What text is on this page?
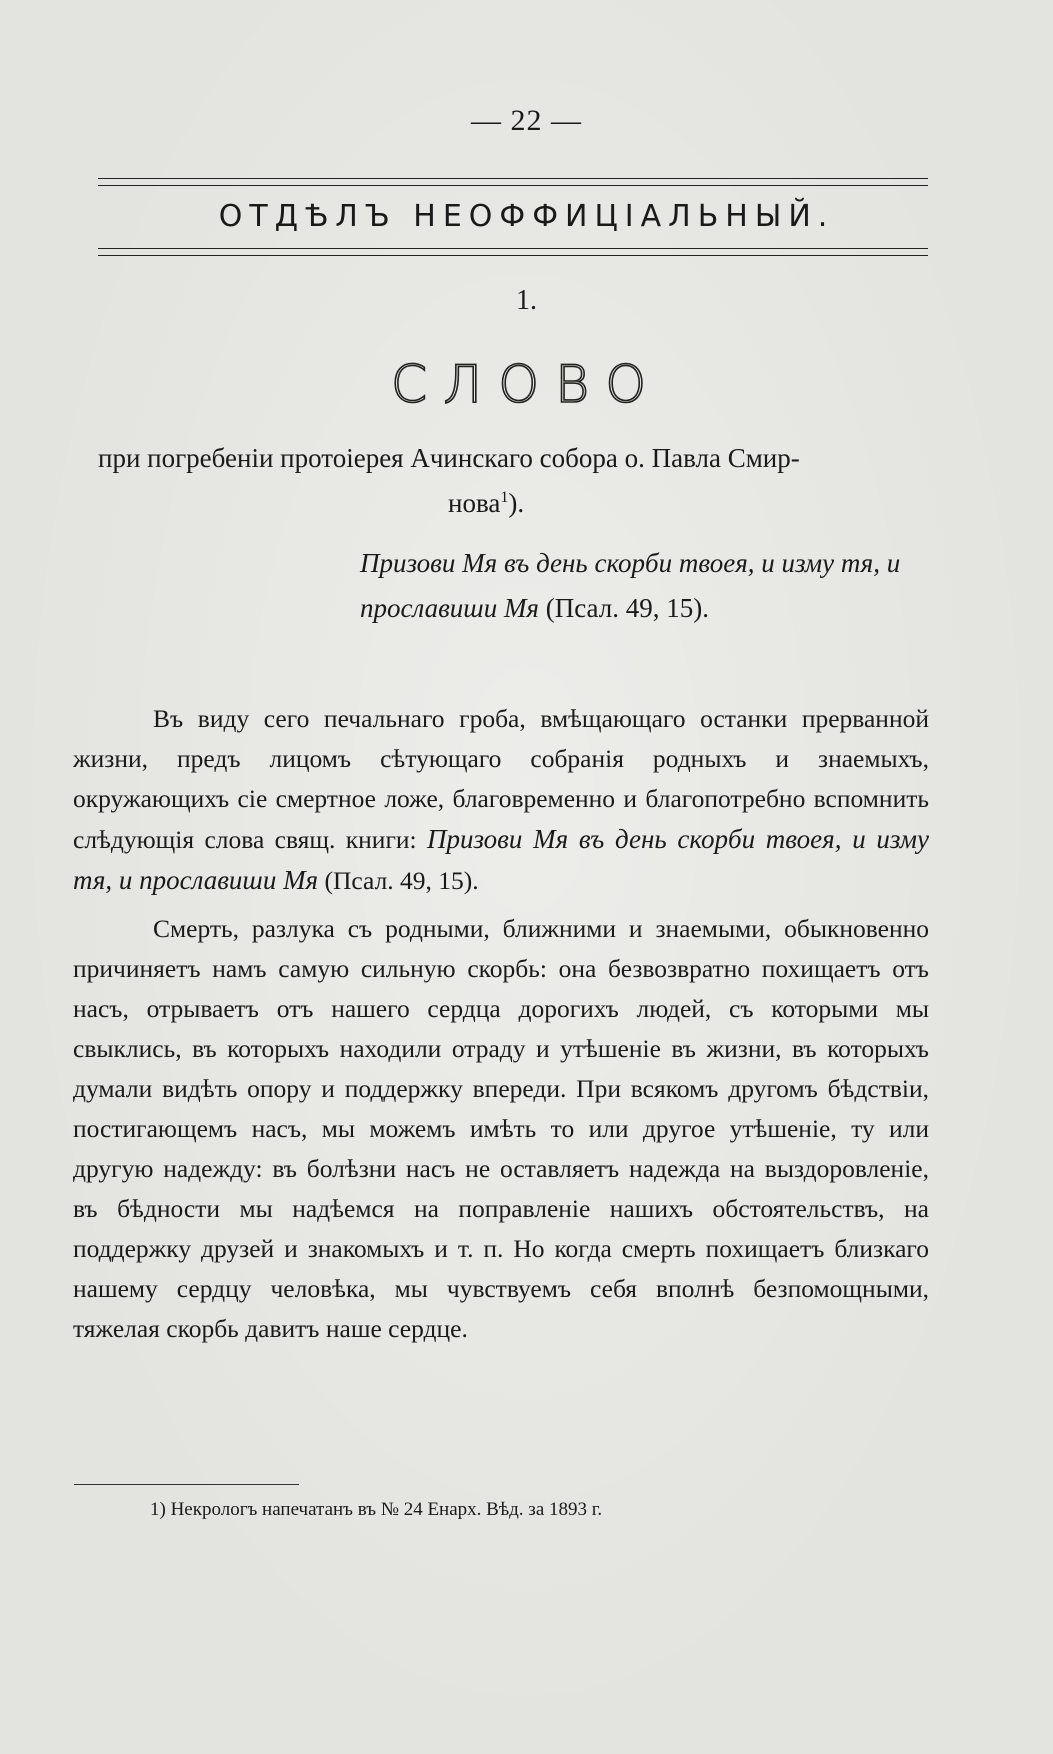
— 22 —
ОТДѢЛЪ НЕОФФИЦІАЛЬНЫЙ.
1.
СЛОВО
при погребеніи протоіерея Ачинскаго собора о. Павла Смир-
нова$^1$).
Призови Мя въ день скорби твоея, и изму тя, и прославиши Мя (Псал. 49, 15).

Въ виду сего печальнаго гроба, вмѣщающаго останки прерванной жизни, предъ лицомъ сѣтующаго собранія родныхъ и знаемыхъ, окружающихъ сіе смертное ложе, благовременно и благопотребно вспомнить слѣдующія слова свящ. книги: Призови Мя въ день скорби твоея, и изму тя, и прославиши Мя (Псал. 49, 15).

Смерть, разлука съ родными, ближними и знаемыми, обыкновенно причиняетъ намъ самую сильную скорбь: она безвозвратно похищаетъ отъ насъ, отрываетъ отъ нашего сердца дорогихъ людей, съ которыми мы свыклись, въ которыхъ находили отраду и утѣшеніе въ жизни, въ которыхъ думали видѣть опору и поддержку впереди. При всякомъ другомъ бѣдствіи, постигающемъ насъ, мы можемъ имѣть то или другое утѣшеніе, ту или другую надежду: въ болѣзни насъ не оставляетъ надежда на выздоровленіе, въ бѣдности мы надѣемся на поправленіе нашихъ обстоятельствъ, на поддержку друзей и знакомыхъ и т. п. Но когда смерть похищаетъ близкаго нашему сердцу человѣка, мы чувствуемъ себя вполнѣ безпомощными, тяжелая скорбь давитъ наше сердце.

1) Некрологъ напечатанъ въ № 24 Енарх. Вѣд. за 1893 г.
